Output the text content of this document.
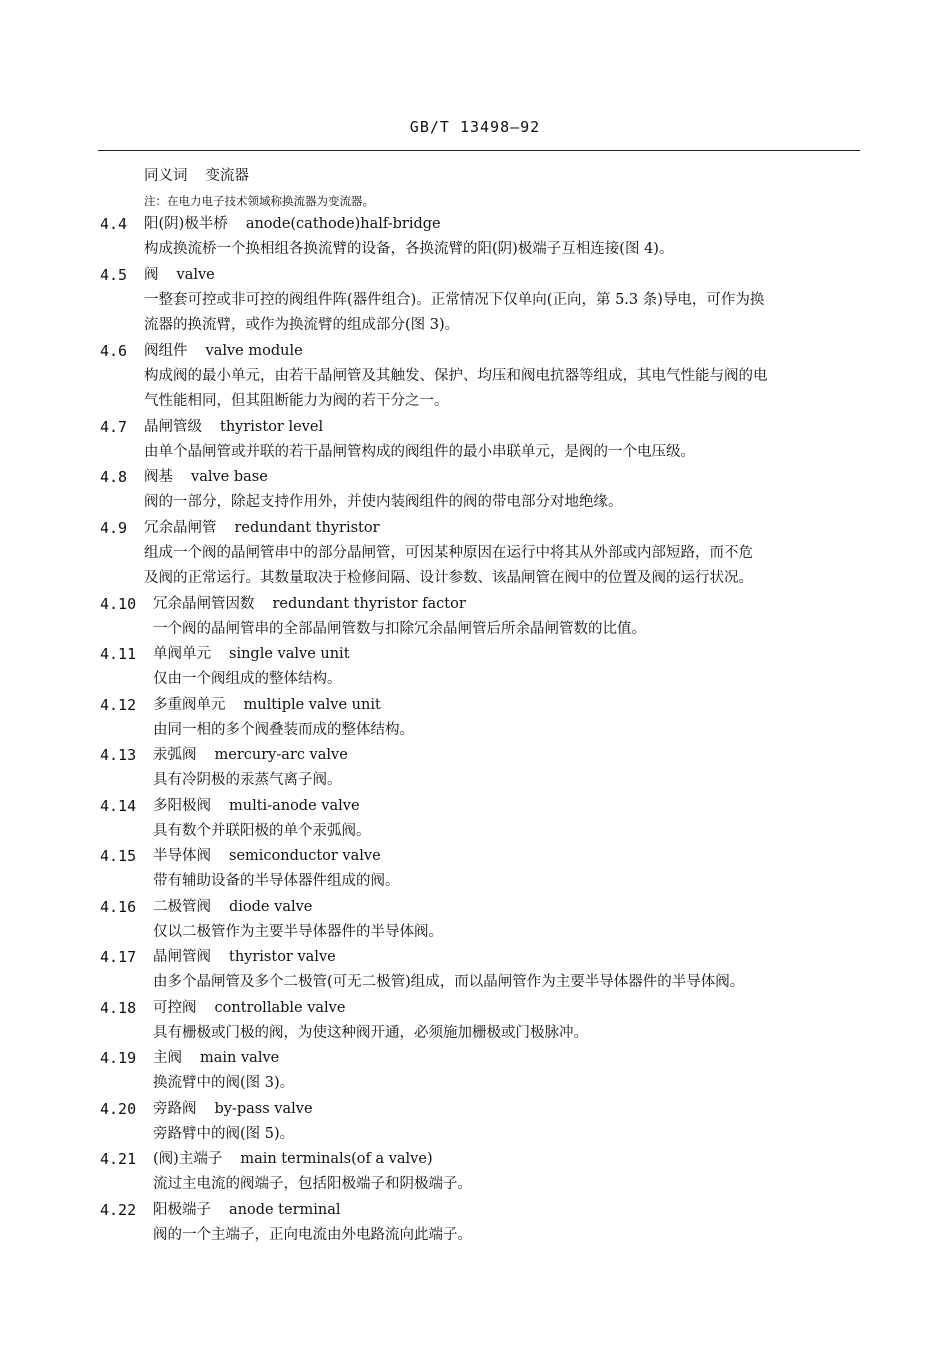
GB/T 13498—92
同义词 变流器
注：在电力电子技术领域称换流器为变流器。
4.4 阳(阴)极半桥 anode(cathode)half-bridge
构成换流桥一个换相组各换流臂的设备，各换流臂的阳(阴)极端子互相连接(图 4)。
4.5 阀 valve
一整套可控或非可控的阀组件阵(器件组合)。正常情况下仅单向(正向，第 5.3 条)导电，可作为换
流器的换流臂，或作为换流臂的组成部分(图 3)。
4.6 阀组件 valve module
构成阀的最小单元，由若干晶闸管及其触发、保护、均压和阀电抗器等组成，其电气性能与阀的电
气性能相同，但其阻断能力为阀的若干分之一。
4.7 晶闸管级 thyristor level
由单个晶闸管或并联的若干晶闸管构成的阀组件的最小串联单元，是阀的一个电压级。
4.8 阀基 valve base
阀的一部分，除起支持作用外，并使内装阀组件的阀的带电部分对地绝缘。
4.9 冗余晶闸管 redundant thyristor
组成一个阀的晶闸管串中的部分晶闸管，可因某种原因在运行中将其从外部或内部短路，而不危
及阀的正常运行。其数量取决于检修间隔、设计参数、该晶闸管在阀中的位置及阀的运行状况。
4.10 冗余晶闸管因数 redundant thyristor factor
一个阀的晶闸管串的全部晶闸管数与扣除冗余晶闸管后所余晶闸管数的比值。
4.11 单阀单元 single valve unit
仅由一个阀组成的整体结构。
4.12 多重阀单元 multiple valve unit
由同一相的多个阀叠装而成的整体结构。
4.13 汞弧阀 mercury-arc valve
具有冷阴极的汞蒸气离子阀。
4.14 多阳极阀 multi-anode valve
具有数个并联阳极的单个汞弧阀。
4.15 半导体阀 semiconductor valve
带有辅助设备的半导体器件组成的阀。
4.16 二极管阀 diode valve
仅以二极管作为主要半导体器件的半导体阀。
4.17 晶闸管阀 thyristor valve
由多个晶闸管及多个二极管(可无二极管)组成，而以晶闸管作为主要半导体器件的半导体阀。
4.18 可控阀 controllable valve
具有栅极或门极的阀，为使这种阀开通，必须施加栅极或门极脉冲。
4.19 主阀 main valve
换流臂中的阀(图 3)。
4.20 旁路阀 by-pass valve
旁路臂中的阀(图 5)。
4.21 (阀)主端子 main terminals(of a valve)
流过主电流的阀端子，包括阳极端子和阴极端子。
4.22 阳极端子 anode terminal
阀的一个主端子，正向电流由外电路流向此端子。
